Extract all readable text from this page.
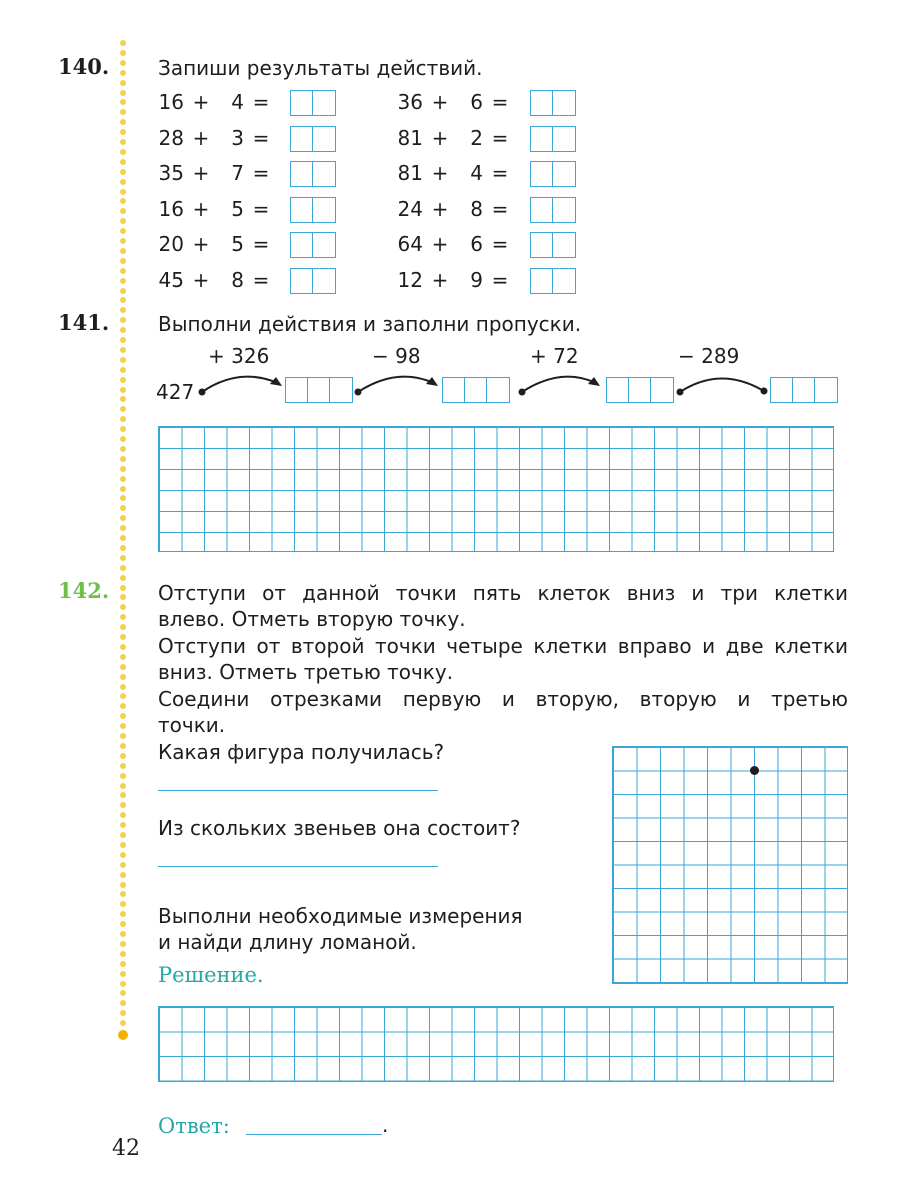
140. Запиши результаты действий.
16 + 4 =
28 + 3 =
35 + 7 =
16 + 5 =
20 + 5 =
45 + 8 =
36 + 6 =
81 + 2 =
81 + 4 =
24 + 8 =
64 + 6 =
12 + 9 =
141. Выполни действия и заполни пропуски.
427
+ 326	− 98	+ 72	− 289
142. Отступи от данной точки пять клеток вниз и три клетки
влево. Отметь вторую точку.
Отступи от второй точки четыре клетки вправо и две клетки
вниз. Отметь третью точку.
Соедини отрезками первую и вторую, вторую и третью
точки.
Какая фигура получилась?
Из скольких звеньев она состоит?
Выполни необходимые измерения
и найди длину ломаной.
Решение.
Ответ:	.
42
